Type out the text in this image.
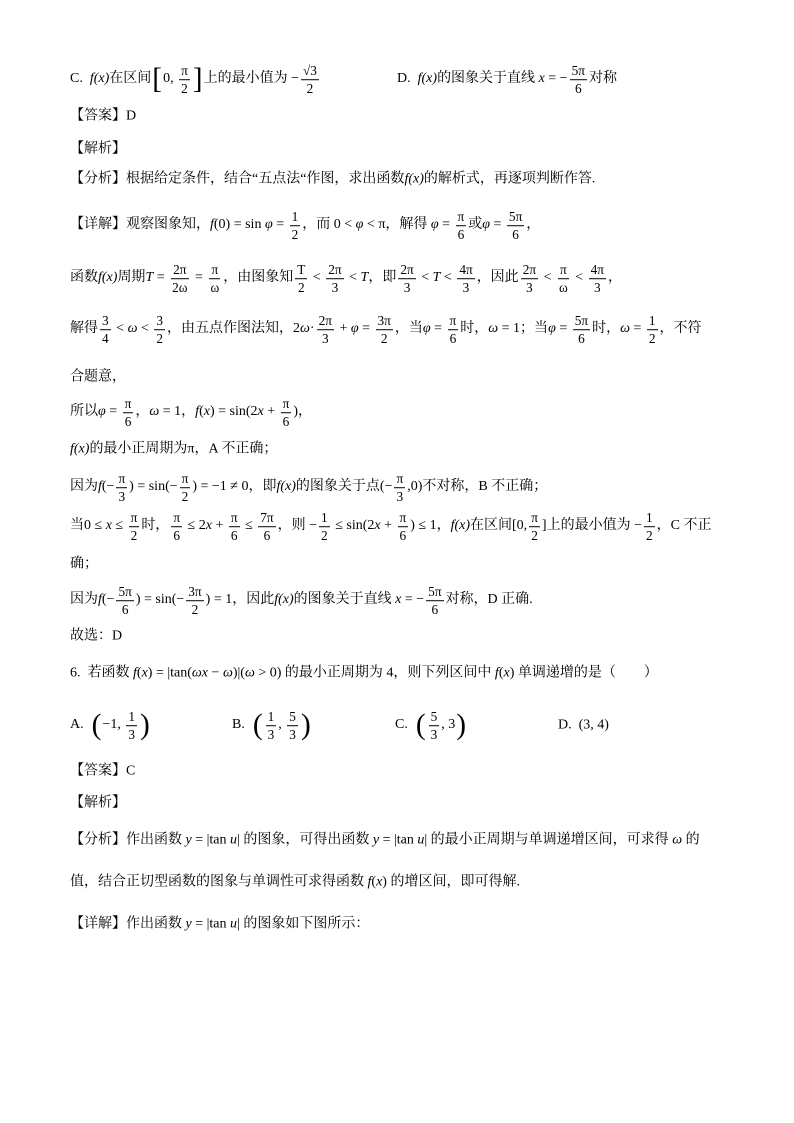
C. f(x) 在区间 [ 0, $\frac{\pi}{2}$ ] 上的最小值为 − $\frac{√3}{2}$	D. f(x) 的图象关于直线 x = − $\frac{5\pi}{6}$ 对称
【答案】D
【解析】
【分析】根据给定条件，结合“五点法“作图，求出函数 f(x) 的解析式，再逐项判断作答.
【详解】观察图象知， f $(0) = \sin \varphi = \frac{1}{2}$ ，而 0 < φ < π，解得 $\varphi = \frac{\pi}{6}$ 或 $\varphi = \frac{5\pi}{6}$ ，
函数 f(x) 周期 $T = \frac{2\pi}{2\omega} = \frac{\pi}{\omega}$ ，由图象知 $\frac{T}{2} < \frac{2\pi}{3} < T$ ，即 $\frac{2\pi}{3} < T < \frac{4\pi}{3}$ ，因此 $\frac{2\pi}{3} < \frac{\pi}{\omega} < \frac{4\pi}{3}$ ，
解得 $\frac{3}{4} < \omega < \frac{3}{2}$ ，由五点作图法知，2 $\omega \cdot \frac{2\pi}{3} + \varphi = \frac{3\pi}{2}$ ，当 $\varphi = \frac{\pi}{6}$ 时， ω = 1；当 $\varphi = \frac{5\pi}{6}$ 时， $\omega = \frac{1}{2}$ ，不符
合题意，
所以 $\varphi = \frac{\pi}{6}$ ， ω = 1， f ( x ) = sin(2 $x + \frac{\pi}{6}$ )，
f(x) 的最小正周期为π，A 不正确；
因为 f (− $\frac{\pi}{3}$ ) = $\sin(- \frac{\pi}{2}$ ) = −1 ≠ 0，即 f(x) 的图象关于点(− $\frac{\pi}{3} ,0$)不对称，B 不正确；
当$0 \le x \le \frac{\pi}{2}$ 时， $\frac{\pi}{6} \le 2$ $x + \frac{\pi}{6} \le \frac{7\pi}{6}$ ，则 − $\frac{1}{2} \le \sin(2$ $x + \frac{\pi}{6}$ ) ≤ 1， f(x) 在区间[0, $\frac{\pi}{2}$ ]上的最小值为 − $\frac{1}{2}$ ，C 不正
确；
因为 f (− $\frac{5\pi}{6}$ ) = $\sin(- \frac{3\pi}{2}$ ) = 1，因此 f(x) 的图象关于直线 x = − $\frac{5\pi}{6}$ 对称，D 正确.
故选：D
6.  若函数 f ( x ) = |tan( ωx − ω )|( ω > 0) 的最小正周期为 4，则下列区间中 f ( x ) 单调递增的是（　　）
A. ( −1, $\frac{1}{3}$ )	B. ( $\frac{1}{3}$ , $\frac{5}{3}$ )	C. ( $\frac{5}{3}$ , 3 )	D. (3, 4)
【答案】C
【解析】
【分析】作出函数 y = |tan u | 的图象，可得出函数 y = |tan u | 的最小正周期与单调递增区间，可求得 ω 的
值，结合正切型函数的图象与单调性可求得函数 f ( x ) 的增区间，即可得解.
【详解】作出函数 y = |tan u | 的图象如下图所示：
